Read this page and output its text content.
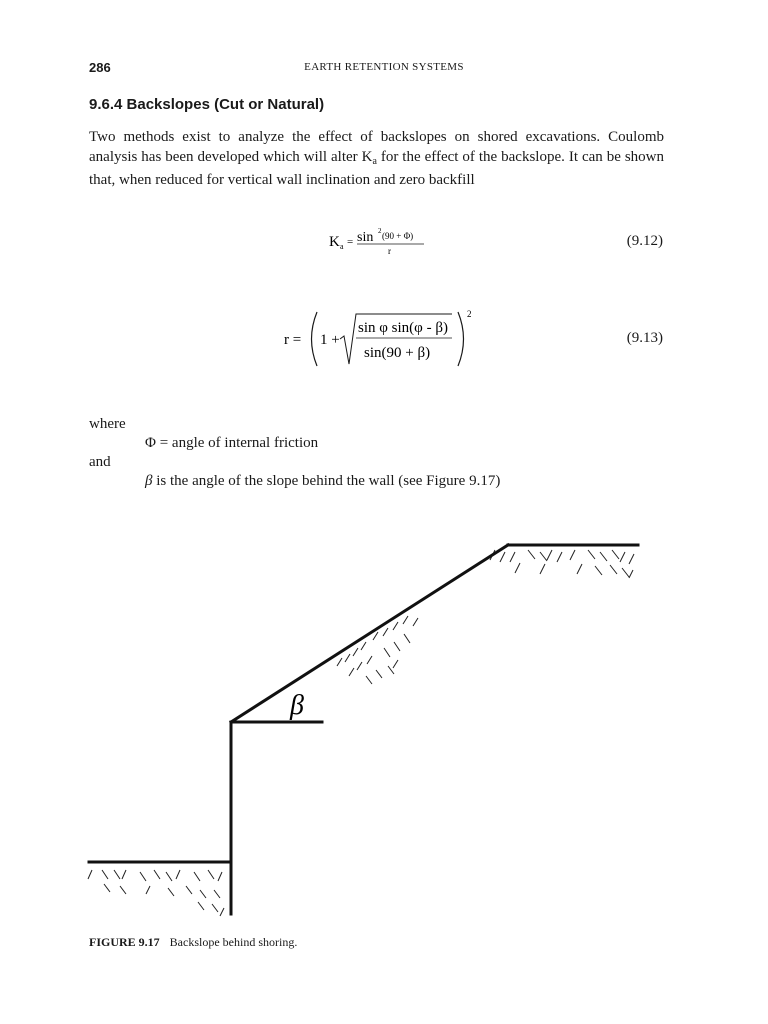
286	EARTH RETENTION SYSTEMS
9.6.4 Backslopes (Cut or Natural)

Two methods exist to analyze the effect of backslopes on shored excavations. Coulomb analysis has been developed which will alter $K_a$ for the effect of the backslope. It can be shown that, when reduced for vertical wall inclination and zero backfill

K a = sin 2 (90 + Φ)
r
(9.12)
r = 1 +
sin φ sin(φ - β)
sin(90 + β)
2
(9.13)
where
Φ = angle of internal friction
and
β is the angle of the slope behind the wall (see Figure 9.17)
β
FIGURE 9.17 Backslope behind shoring.
